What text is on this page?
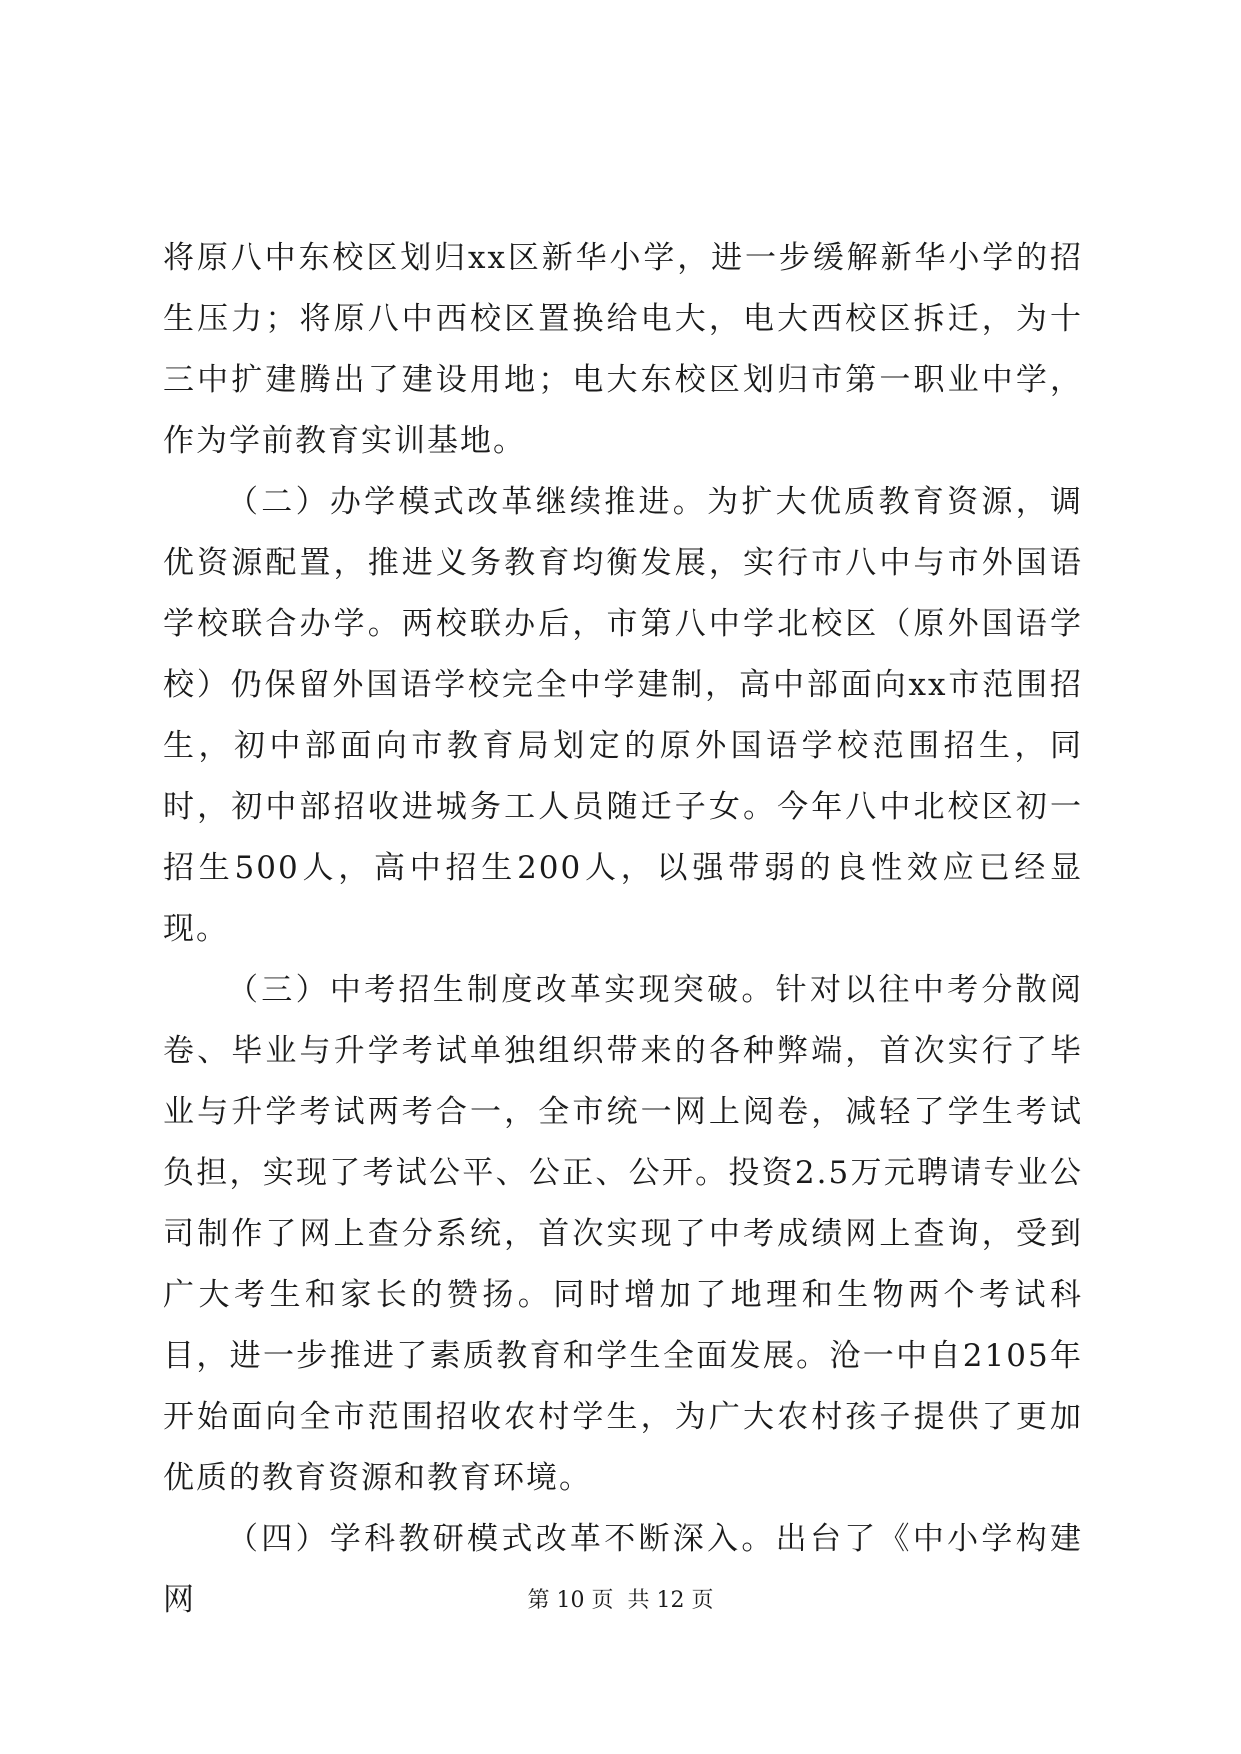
将原八中东校区划归xx区新华小学，进一步缓解新华小学的招生压力；将原八中西校区置换给电大，电大西校区拆迁，为十三中扩建腾出了建设用地；电大东校区划归市第一职业中学，作为学前教育实训基地。

（二）办学模式改革继续推进。为扩大优质教育资源，调优资源配置，推进义务教育均衡发展，实行市八中与市外国语学校联合办学。两校联办后，市第八中学北校区（原外国语学校）仍保留外国语学校完全中学建制，高中部面向xx市范围招生，初中部面向市教育局划定的原外国语学校范围招生，同时，初中部招收进城务工人员随迁子女。今年八中北校区初一招生500人，高中招生200人，以强带弱的良性效应已经显现。

（三）中考招生制度改革实现突破。针对以往中考分散阅卷、毕业与升学考试单独组织带来的各种弊端，首次实行了毕业与升学考试两考合一，全市统一网上阅卷，减轻了学生考试负担，实现了考试公平、公正、公开。投资2.5万元聘请专业公司制作了网上查分系统，首次实现了中考成绩网上查询，受到广大考生和家长的赞扬。同时增加了地理和生物两个考试科目，进一步推进了素质教育和学生全面发展。沧一中自2105年开始面向全市范围招收农村学生，为广大农村孩子提供了更加优质的教育资源和教育环境。

（四）学科教研模式改革不断深入。出台了《中小学构建网	第 10 页 共 12 页
